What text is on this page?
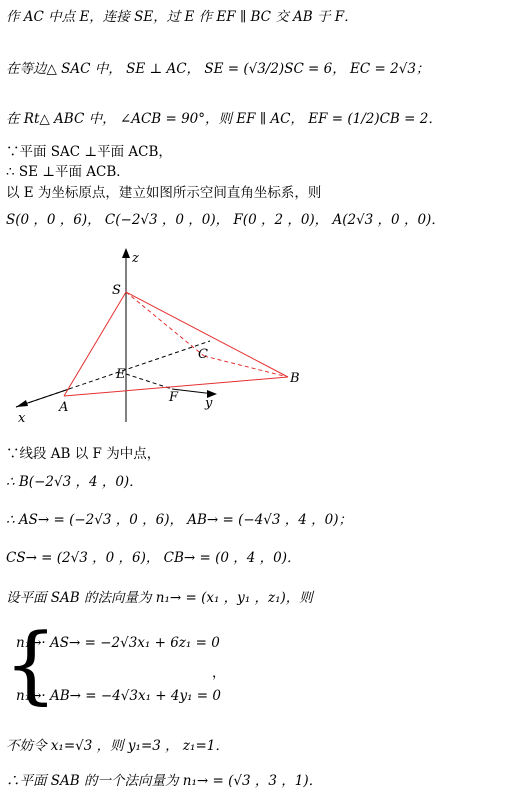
作 AC 中点 E，连接 SE，过 E 作 EF ∥ BC 交 AB 于 F．
在等边△ SAC 中， SE ⊥ AC， SE = (√3/2)SC = 6， EC = 2√3；
在 Rt△ ABC 中， ∠ACB = 90°，则 EF ∥ AC， EF = (1/2)CB = 2．
∵平面 SAC ⊥平面 ACB，
∴ SE ⊥平面 ACB．
以 E 为坐标原点，建立如图所示空间直角坐标系，则
S(0 ，0 ，6)， C(−2√3 ，0 ，0)， F(0 ，2 ，0)， A(2√3 ，0 ，0)．
z
S
C
E	B
A
F y
x
∵线段 AB 以 F 为中点，
∴ B(−2√3 ，4 ，0)．
∴ AS→ = (−2√3 ，0 ，6)， AB→ = (−4√3 ，4 ，0)；
CS→ = (2√3 ，0 ，6)， CB→ = (0 ，4 ，0)．
设平面 SAB 的法向量为 n₁→ = (x₁ ，y₁ ，z₁)，则
{
n₁→· AS→ = −2√3x₁ + 6z₁ = 0
n₁→· AB→ = −4√3x₁ + 4y₁ = 0
，
不妨令 x₁=√3 ，则 y₁=3 ， z₁=1．
∴平面 SAB 的一个法向量为 n₁→ = (√3 ，3 ，1)．
